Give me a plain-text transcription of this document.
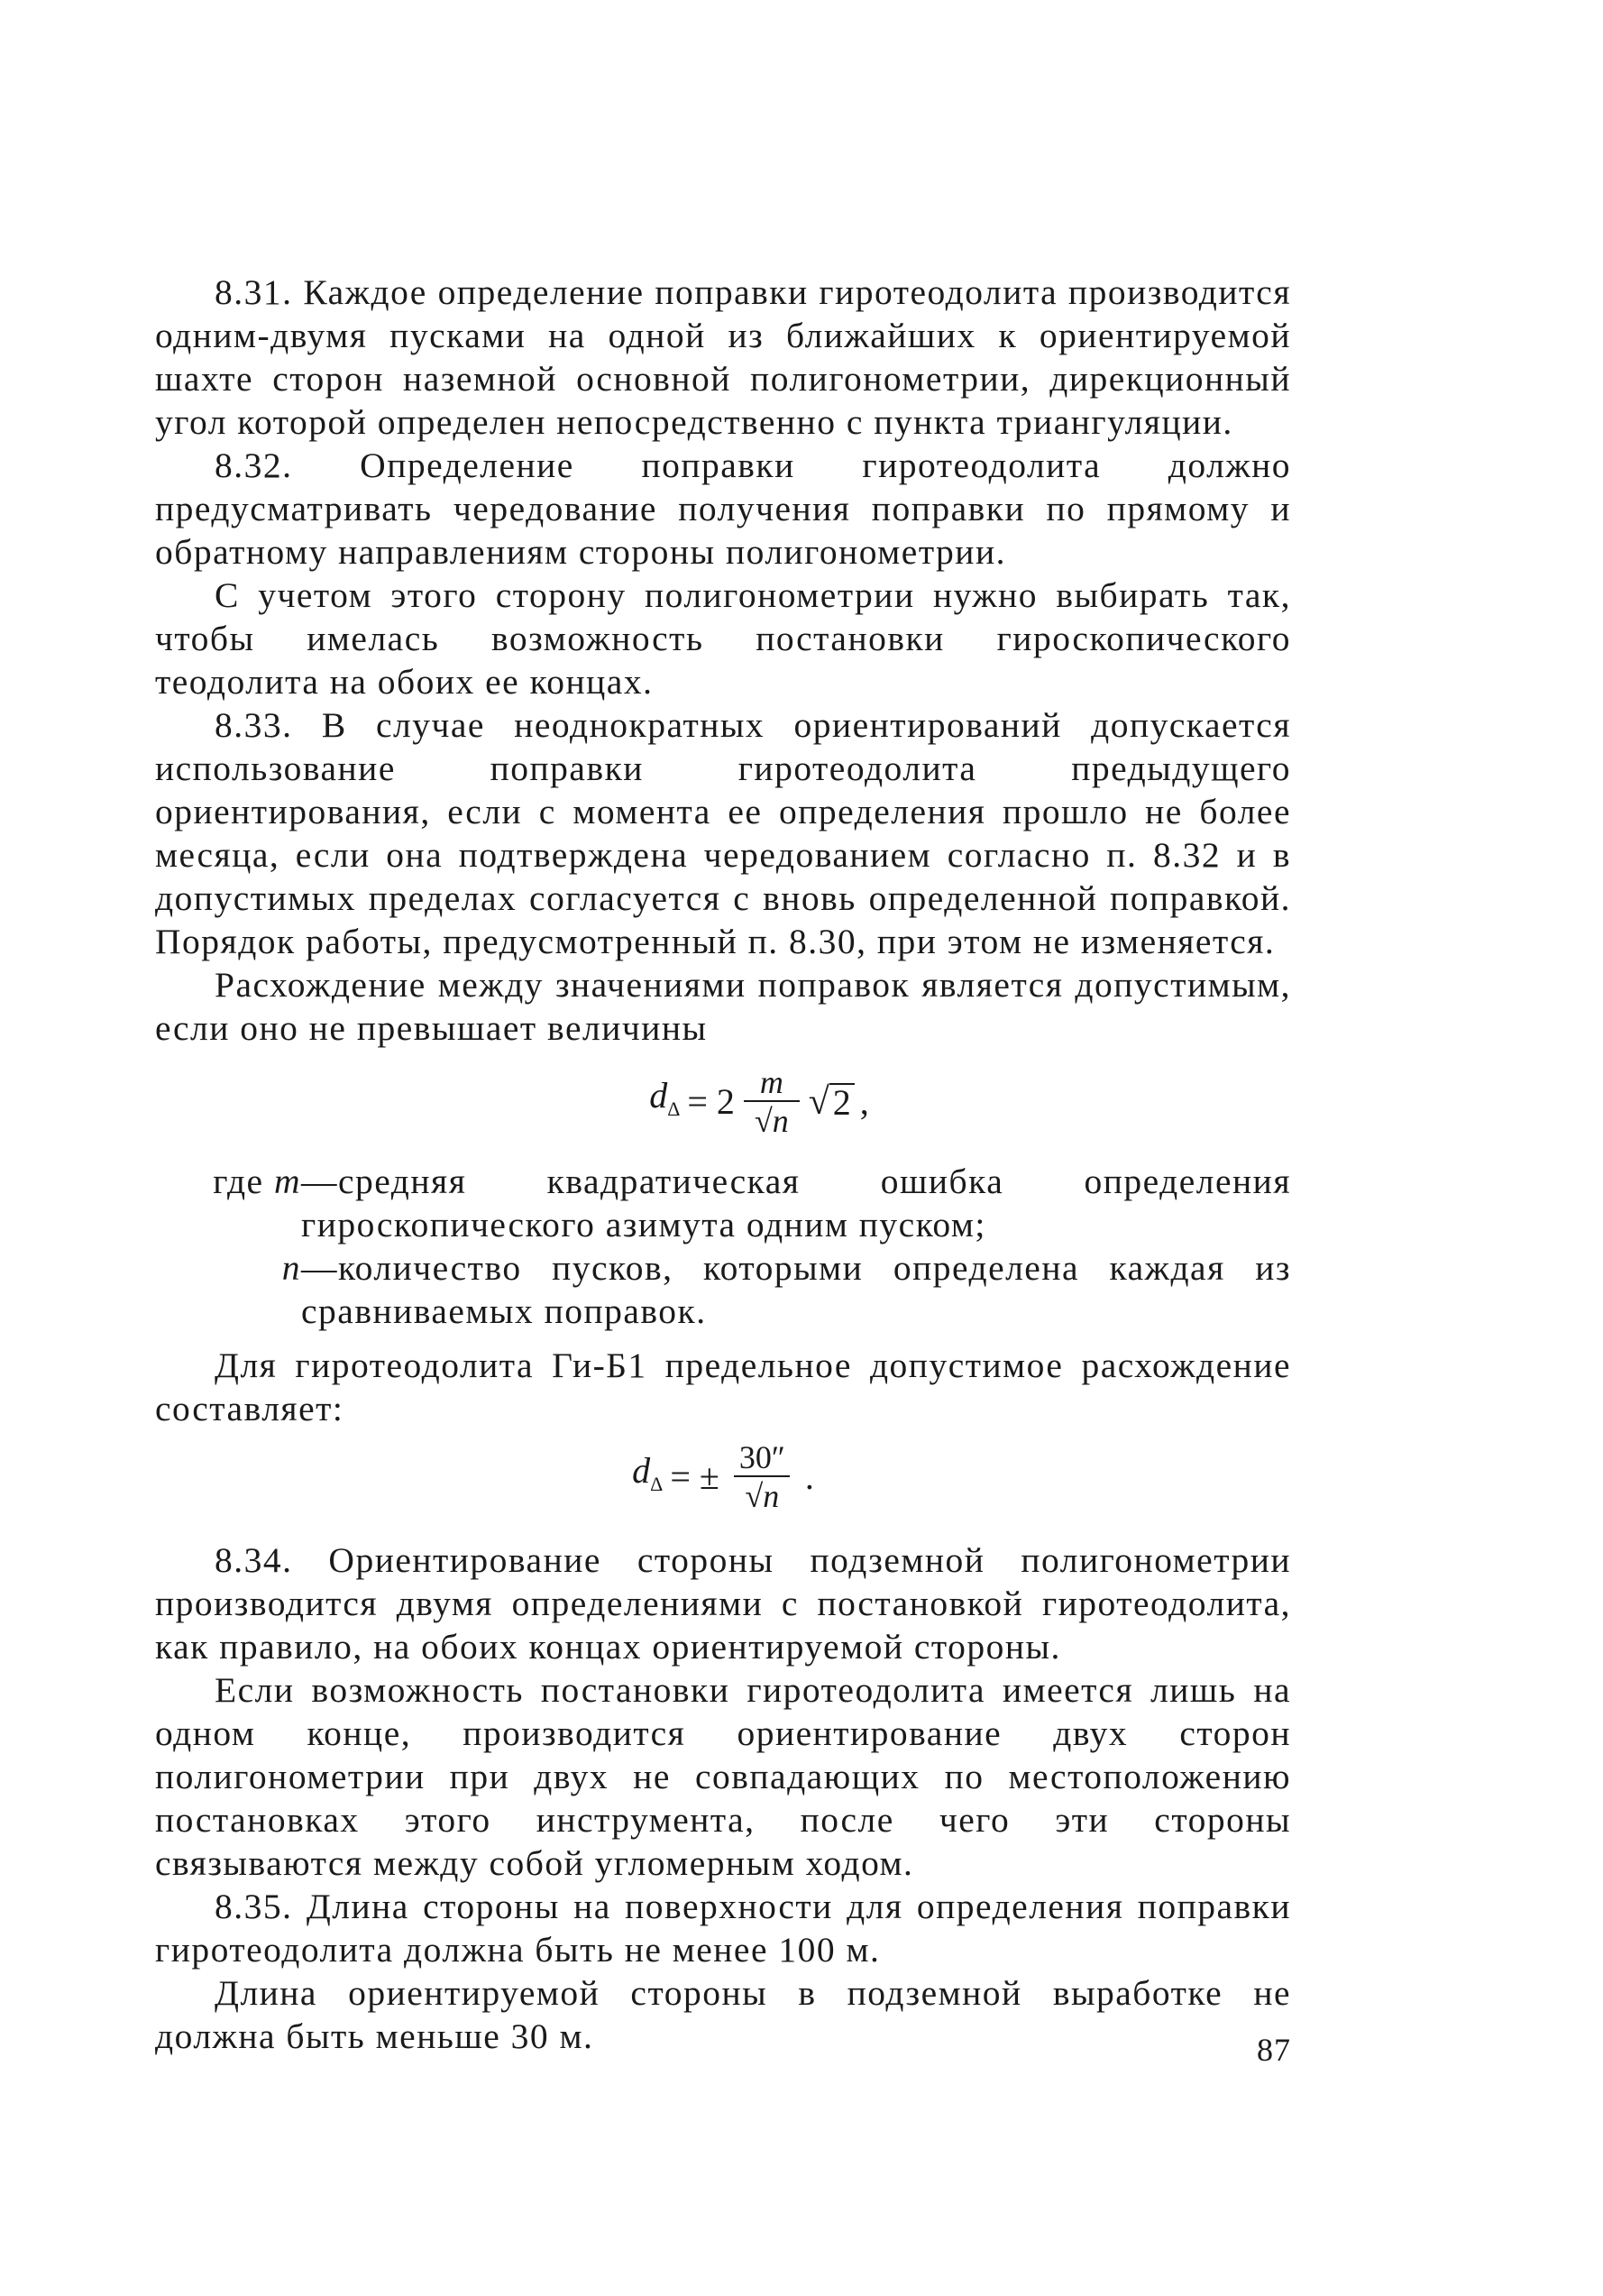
8.31. Каждое определение поправки гиротеодолита производится одним-двумя пусками на одной из ближайших к ориентируемой шахте сторон наземной основной полигонометрии, дирекционный угол которой определен непосредственно с пункта триангуляции.

8.32. Определение поправки гиротеодолита должно предусматривать чередование получения поправки по прямому и обратному направлениям стороны полигонометрии.

С учетом этого сторону полигонометрии нужно выбирать так, чтобы имелась возможность постановки гироскопического теодолита на обоих ее концах.

8.33. В случае неоднократных ориентирований допускается использование поправки гиротеодолита предыдущего ориентирования, если с момента ее определения прошло не более месяца, если она подтверждена чередованием согласно п. 8.32 и в допустимых пределах согласуется с вновь определенной поправкой. Порядок работы, предусмотренный п. 8.30, при этом не изменяется.

Расхождение между значениями поправок является допустимым, если оно не превышает величины

$d_\Delta = 2 \frac{m}{√n}$ √ 2 ,
где m —средняя квадратическая ошибка определения гироскопического азимута одним пуском;
n —количество пусков, которыми определена каждая из сравниваемых поправок.

Для гиротеодолита Ги-Б1 предельное допустимое расхождение составляет:

$d_\Delta$ = ± $\frac{30''}{√n}$ .

8.34. Ориентирование стороны подземной полигонометрии производится двумя определениями с постановкой гиротеодолита, как правило, на обоих концах ориентируемой стороны.

Если возможность постановки гиротеодолита имеется лишь на одном конце, производится ориентирование двух сторон полигонометрии при двух не совпадающих по местоположению постановках этого инструмента, после чего эти стороны связываются между собой угломерным ходом.

8.35. Длина стороны на поверхности для определения поправки гиротеодолита должна быть не менее 100 м.

Длина ориентируемой стороны в подземной выработке не должна быть меньше 30 м.	87
